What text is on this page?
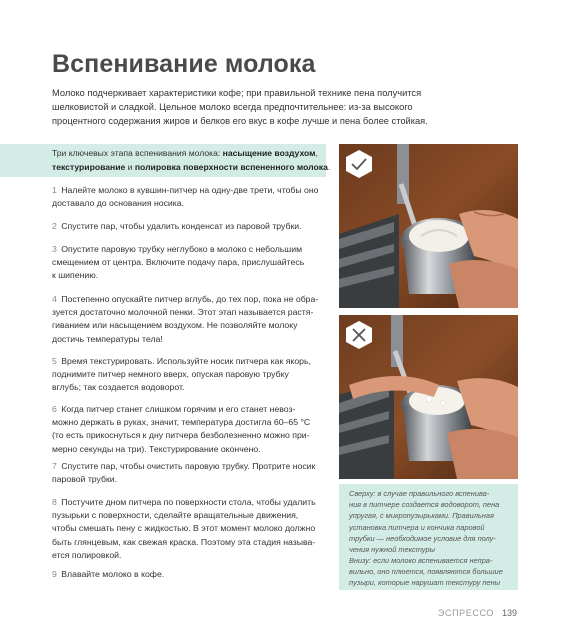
Вспенивание молока
Молоко подчеркивает характеристики кофе; при правильной технике пена получится
шелковистой и сладкой. Цельное молоко всегда предпочтительнее: из-за высокого
процентного содержания жиров и белков его вкус в кофе лучше и пена более стойкая.
Три ключевых этапа вспенивания молока: насыщение воздухом,
текстурирование и полировка поверхности вспененного молока.
1 Налейте молоко в кувшин-питчер на одну-две трети, чтобы оно
доставало до основания носика.
2 Спустите пар, чтобы удалить конденсат из паровой трубки.
3 Опустите паровую трубку неглубоко в молоко с небольшим
смещением от центра. Включите подачу пара, прислушайтесь
к шипению.
4 Постепенно опускайте питчер вглубь, до тех пор, пока не обра-
зуется достаточно молочной пенки. Этот этап называется растя-
гиванием или насыщением воздухом. Не позволяйте молоку
достичь температуры тела!
5 Время текстурировать. Используйте носик питчера как якорь,
поднимите питчер немного вверх, опуская паровую трубку
вглубь; так создается водоворот.
6 Когда питчер станет слишком горячим и его станет невоз-
можно держать в руках, значит, температура достигла 60–65 °С
(то есть прикоснуться к дну питчера безболезненно можно при-
мерно секунды на три). Текстурирование окончено.
7 Спустите пар, чтобы очистить паровую трубку. Протрите носик
паровой трубки.
8 Постучите дном питчера по поверхности стола, чтобы удалить
пузырьки с поверхности, сделайте вращательные движения,
чтобы смешать пену с жидкостью. В этот момент молоко должно
быть глянцевым, как свежая краска. Поэтому эта стадия называ-
ется полировкой.
9 Влавайте молоко в кофе.
Сверху: в случае правильного вспенива-
ния в питчере создается водоворот, пена
упругая, с микропузырьками. Правильная
установка питчера и кончика паровой
трубки — необходимое условие для полу-
чения нужной текстуры
Внизу: если молоко вспенивается непра-
вильно, оно плюется, появляются большие
пузыри, которые нарушат текстуру пены
ЭСПРЕССО 139
